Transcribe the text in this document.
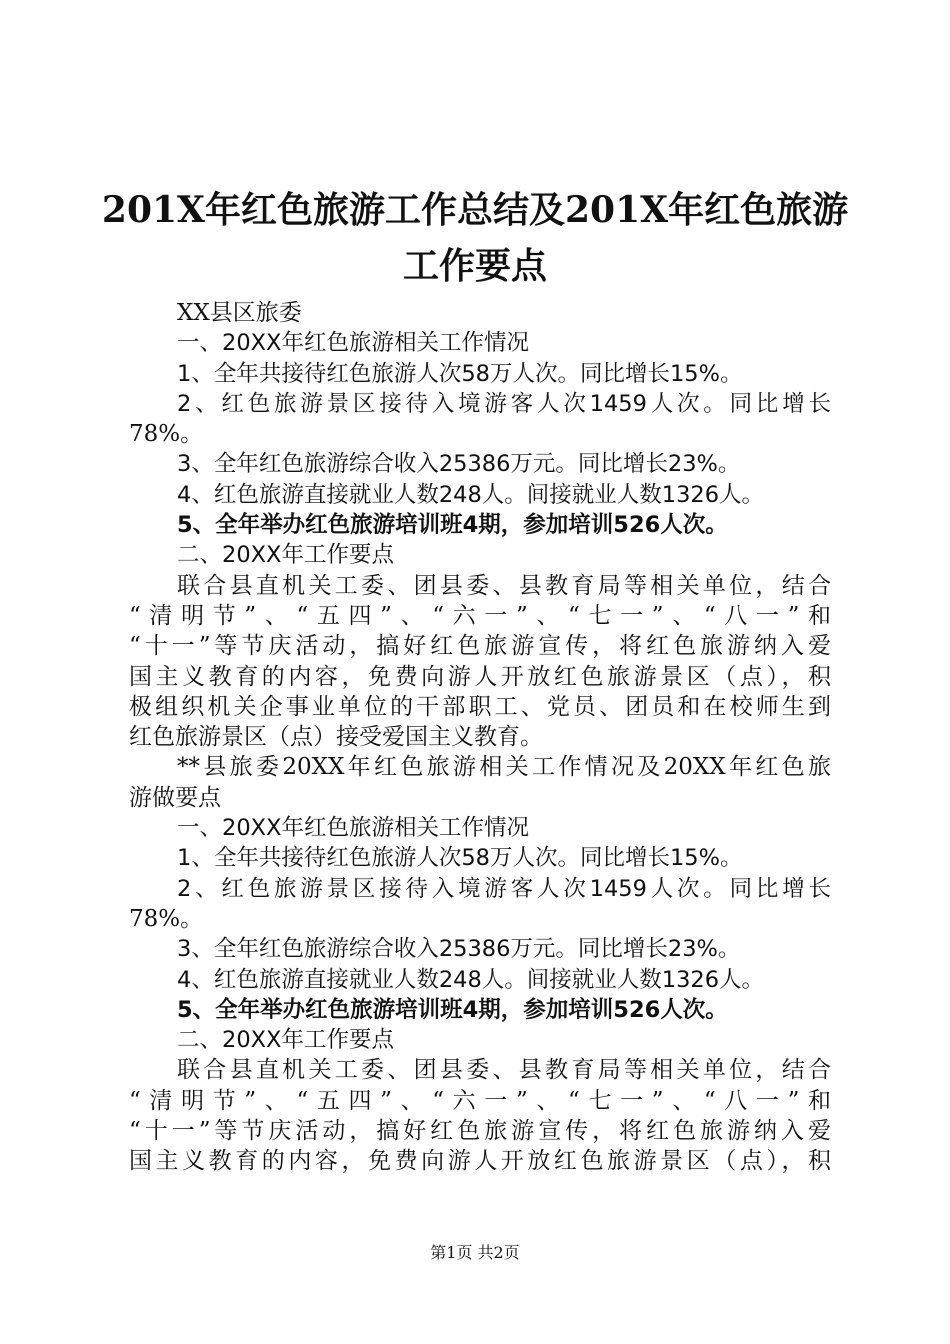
201X年红色旅游工作总结及201X年红色旅游
工作要点
XX县区旅委
一、20XX年红色旅游相关工作情况
1、全年共接待红色旅游人次58万人次。同比增长15%。
2、红色旅游景区接待入境游客人次1459人次。同比增长
78%。
3、全年红色旅游综合收入25386万元。同比增长23%。
4、红色旅游直接就业人数248人。间接就业人数1326人。
5、全年举办红色旅游培训班4期，参加培训526人次。
二、20XX年工作要点
联合县直机关工委、团县委、县教育局等相关单位，结合
“清明节”、“五四”、“六一”、“七一”、“八一”和
“十一”等节庆活动，搞好红色旅游宣传，将红色旅游纳入爱
国主义教育的内容，免费向游人开放红色旅游景区（点），积
极组织机关企事业单位的干部职工、党员、团员和在校师生到
红色旅游景区（点）接受爱国主义教育。
**县旅委20XX年红色旅游相关工作情况及20XX年红色旅
游做要点
一、20XX年红色旅游相关工作情况
1、全年共接待红色旅游人次58万人次。同比增长15%。
2、红色旅游景区接待入境游客人次1459人次。同比增长
78%。
3、全年红色旅游综合收入25386万元。同比增长23%。
4、红色旅游直接就业人数248人。间接就业人数1326人。
5、全年举办红色旅游培训班4期，参加培训526人次。
二、20XX年工作要点
联合县直机关工委、团县委、县教育局等相关单位，结合
“清明节”、“五四”、“六一”、“七一”、“八一”和
“十一”等节庆活动，搞好红色旅游宣传，将红色旅游纳入爱
国主义教育的内容，免费向游人开放红色旅游景区（点），积
第1页 共2页
